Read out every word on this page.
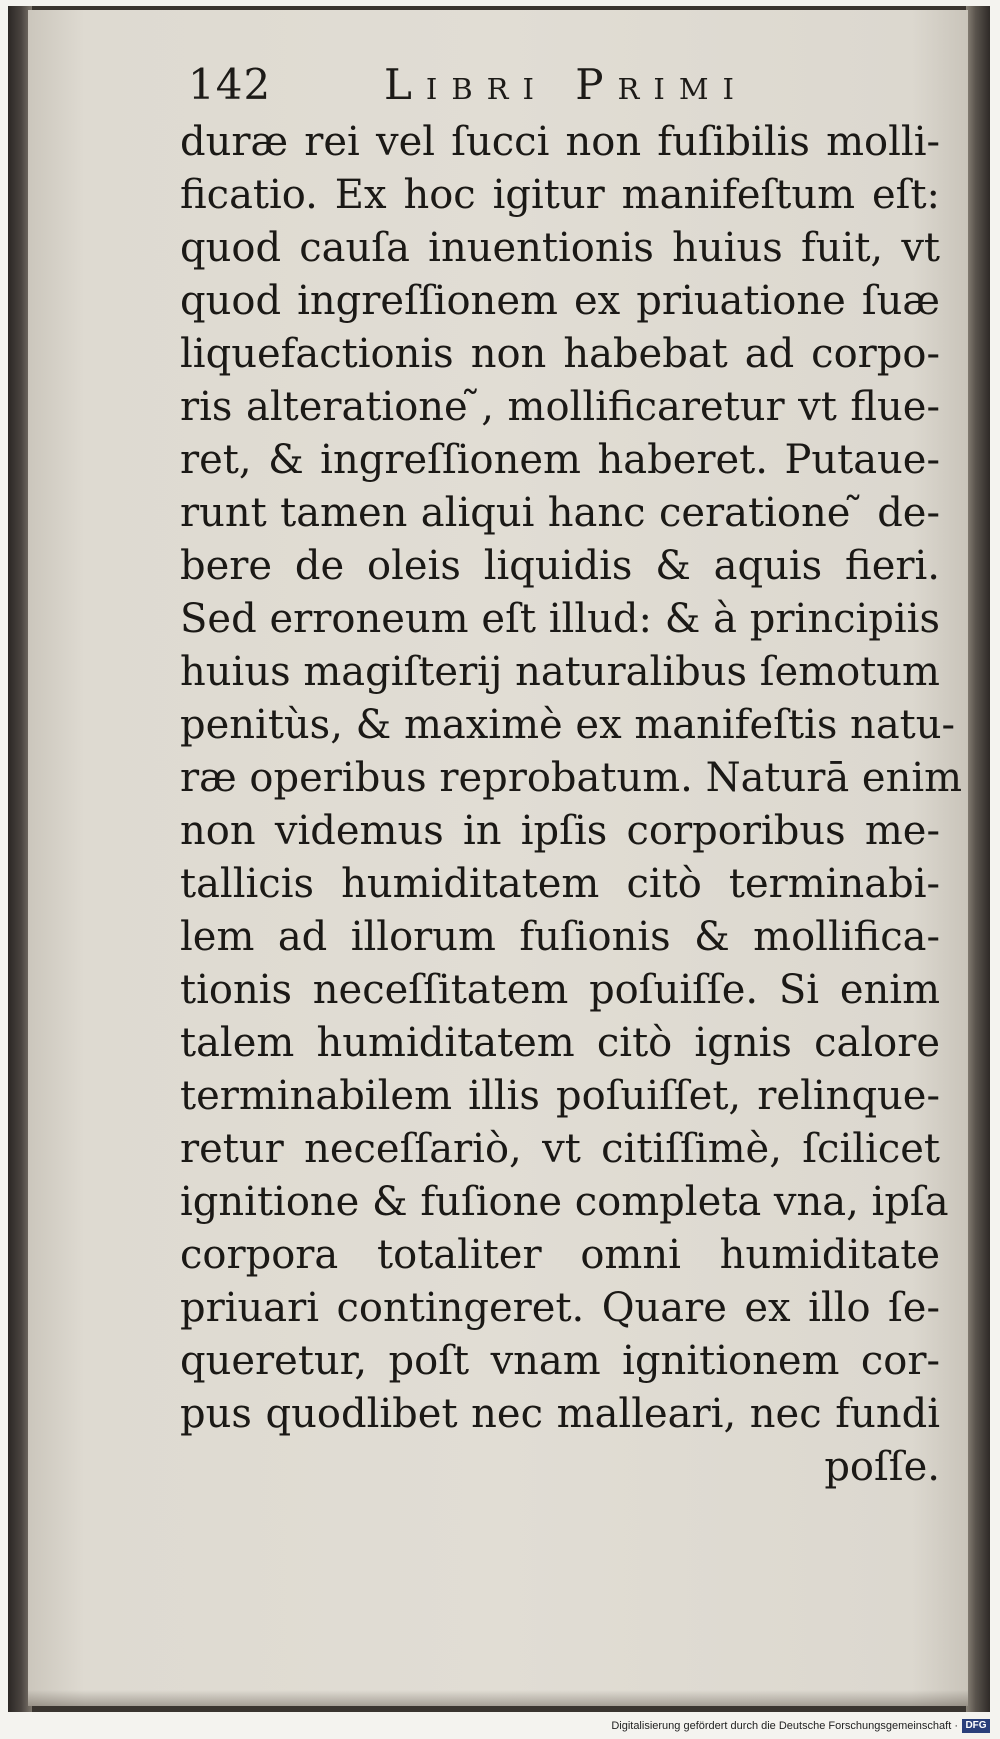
142	Libri Primi
duræ rei vel ſucci non fuſibilis molli-
ficatio. Ex hoc igitur manifeſtum eſt:
quod cauſa inuentionis huius fuit, vt
quod ingreſſionem ex priuatione ſuæ
liquefactionis non habebat ad corpo-
ris alteratione ̃, mollificaretur vt flue-
ret, & ingreſſionem haberet. Putaue-
runt tamen aliqui hanc ceratione ̃ de-
bere de oleis liquidis & aquis fieri.
Sed erroneum eſt illud: & à principiis
huius magiſterij naturalibus ſemotum
penitùs, & maximè ex manifeſtis natu-
ræ operibus reprobatum. Naturā enim
non videmus in ipſis corporibus me-
tallicis humiditatem citò terminabi-
lem ad illorum fuſionis & mollifica-
tionis neceſſitatem poſuiſſe. Si enim
talem humiditatem citò ignis calore
terminabilem illis poſuiſſet, relinque-
retur neceſſariò, vt citiſſimè, ſcilicet
ignitione & fuſione completa vna, ipſa
corpora totaliter omni humiditate
priuari contingeret. Quare ex illo ſe-
queretur, poſt vnam ignitionem cor-
pus quodlibet nec malleari, nec fundi
poſſe.
Digitalisierung gefördert durch die Deutsche Forschungsgemeinschaft · DFG
